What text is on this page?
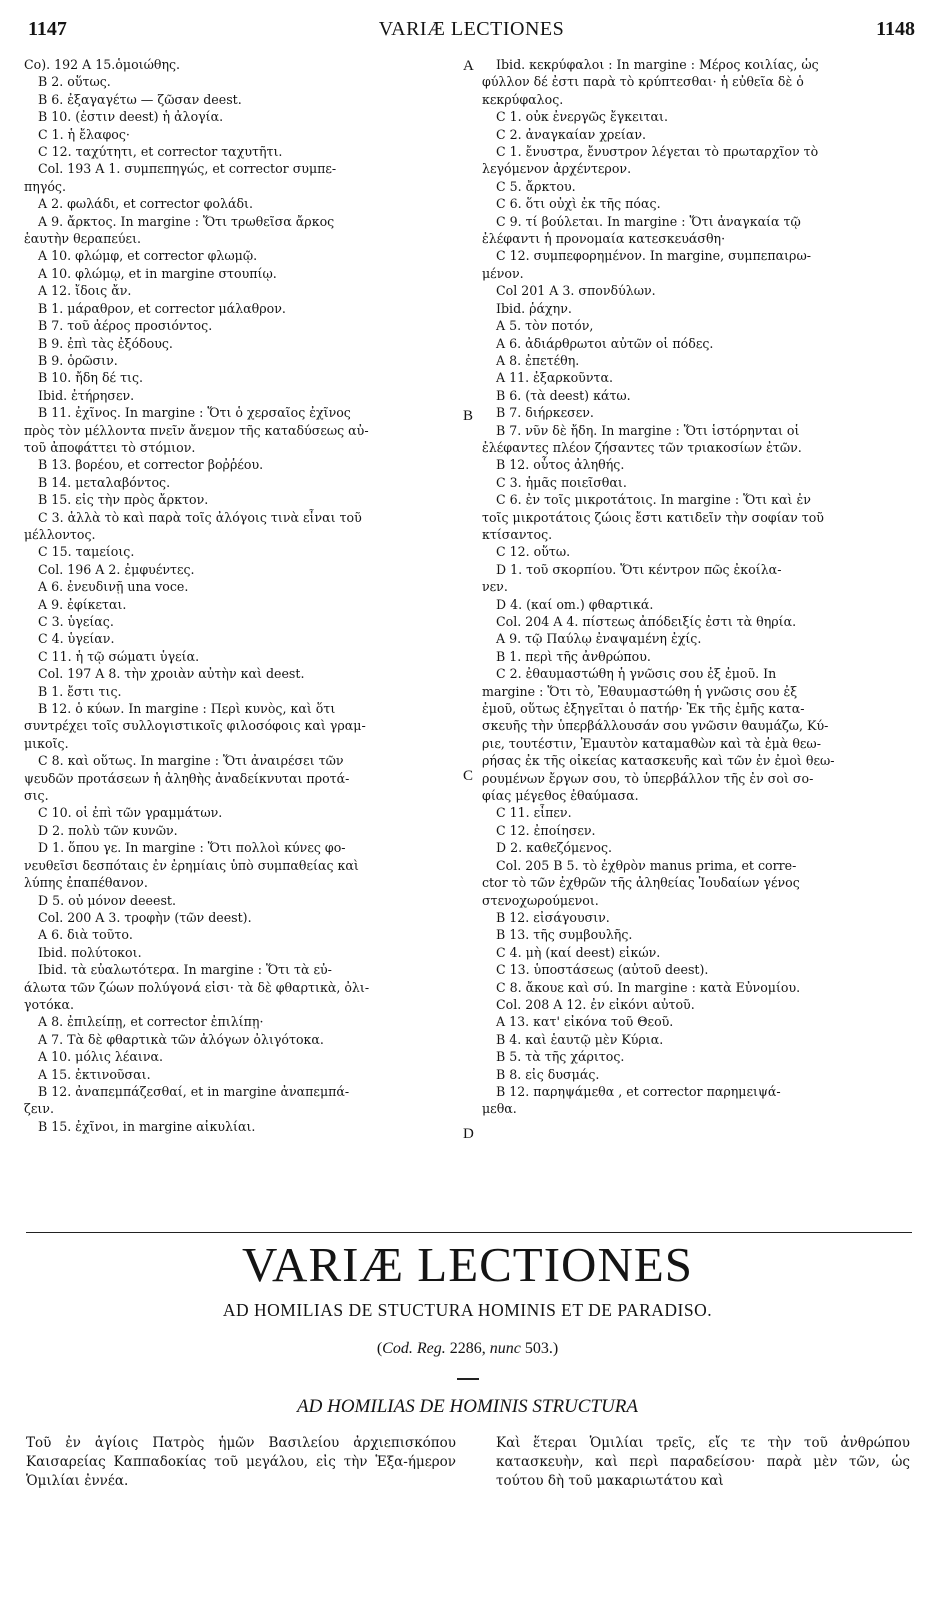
1147	VARIÆ LECTIONES	1148
Co). 192 A 15.ὁμοιώθης.
B 2. οὕτως.
B 6. ἐξαγαγέτω — ζῶσαν deest.
B 10. (ἐστιν deest) ἡ ἀλογία.
C 1. ἡ ἔλαφος·
C 12. ταχύτητι, et corrector ταχυτῆτι.
Col. 193 A 1. συμπεπηγώς, et corrector συμπε-
πηγός.
A 2. φωλάδι, et corrector φολάδι.
A 9. ἄρκτος. In margine : Ὅτι τρωθεῖσα ἄρκος
ἑαυτὴν θεραπεύει.
A 10. φλώμφ, et corrector φλωμῷ.
A 10. φλώμῳ, et in margine στουπίῳ.
A 12. ἴδοις ἄν.
B 1. μάραθρον, et corrector μάλαθρον.
B 7. τοῦ ἀέρος προσιόντος.
B 9. ἐπὶ τὰς ἐξόδους.
B 9. ὁρῶσιν.
B 10. ἤδη δέ τις.
Ibid. ἐτήρησεν.
B 11. ἐχῖνος. In margine : Ὅτι ὁ χερσαῖος ἐχῖνος
πρὸς τὸν μέλλοντα πνεῖν ἄνεμον τῆς καταδύσεως αὐ-
τοῦ ἀποφάττει τὸ στόμιον.
B 13. βορέου, et corrector βοῤῥέου.
B 14. μεταλαβόντος.
B 15. εἰς τὴν πρὸς ἄρκτον.
C 3. ἀλλὰ τὸ καὶ παρὰ τοῖς ἀλόγοις τινὰ εἶναι τοῦ
μέλλοντος.
C 15. ταμείοις.
Col. 196 A 2. ἐμφυέντες.
A 6. ἐνευδινῇ una voce.
A 9. ἐφίκεται.
C 3. ὑγείας.
C 4. ὑγείαν.
C 11. ἡ τῷ σώματι ὑγεία.
Col. 197 A 8. τὴν χροιὰν αὐτὴν καὶ deest.
B 1. ἔστι τις.
B 12. ὁ κύων. In margine : Περὶ κυνὸς, καὶ ὅτι
συντρέχει τοῖς συλλογιστικοῖς φιλοσόφοις καὶ γραμ-
μικοῖς.
C 8. καὶ οὕτως. In margine : Ὅτι ἀναιρέσει τῶν
ψευδῶν προτάσεων ἡ ἀληθὴς ἀναδείκνυται προτά-
σις.
C 10. οἱ ἐπὶ τῶν γραμμάτων.
D 2. πολὺ τῶν κυνῶν.
D 1. ὅπου γε. In margine : Ὅτι πολλοὶ κύνες φο-
νευθεῖσι δεσπόταις ἐν ἐρημίαις ὑπὸ συμπαθείας καὶ
λύπης ἐπαπέθανον.
D 5. οὐ μόνον deeest.
Col. 200 A 3. τροφὴν (τῶν deest).
A 6. διὰ τοῦτο.
Ibid. πολύτοκοι.
Ibid. τὰ εὐαλωτότερα. In margine : Ὅτι τὰ εὐ-
άλωτα τῶν ζώων πολύγονά εἰσι· τὰ δὲ φθαρτικὰ, ὀλι-
γοτόκα.
A 8. ἐπιλείπῃ, et corrector ἐπιλίπῃ·
A 7. Τὰ δὲ φθαρτικὰ τῶν ἀλόγων ὀλιγότοκα.
A 10. μόλις λέαινα.
A 15. ἐκτινοῦσαι.
B 12. ἀναπεμπάζεσθαί, et in margine ἀναπεμπά-
ζειν.
B 15. ἐχῖνοι, in margine αἰκυλίαι.
Ibid. κεκρύφαλοι : In margine : Μέρος κοιλίας, ὡς
φύλλον δέ ἐστι παρὰ τὸ κρύπτεσθαι· ἡ εὐθεῖα δὲ ὁ
κεκρύφαλος.
C 1. οὐκ ἐνεργῶς ἔγκειται.
C 2. ἀναγκαίαν χρείαν.
C 1. ἔνυστρα, ἔνυστρον λέγεται τὸ πρωταρχῖον τὸ
λεγόμενον ἀρχέντερον.
C 5. ἄρκτου.
C 6. ὅτι οὐχὶ ἐκ τῆς πόας.
C 9. τί βούλεται. In margine : Ὅτι ἀναγκαία τῷ
ἐλέφαντι ἡ προνομαία κατεσκευάσθη·
C 12. συμπεφορημένον. In margine, συμπεπαιρω-
μένον.
Col 201 A 3. σπονδύλων.
Ibid. ῥάχην.
A 5. τὸν ποτόν,
A 6. ἀδιάρθρωτοι αὐτῶν οἱ πόδες.
A 8. ἐπετέθη.
A 11. ἐξαρκοῦντα.
B 6. (τὰ deest) κάτω.
B 7. διήρκεσεν.
B 7. νῦν δὲ ἤδη. In margine : Ὅτι ἱστόρηνται οἱ
ἐλέφαντες πλέον ζήσαντες τῶν τριακοσίων ἐτῶν.
B 12. οὗτος ἀληθής.
C 3. ἡμᾶς ποιεῖσθαι.
C 6. ἐν τοῖς μικροτάτοις. In margine : Ὅτι καὶ ἐν
τοῖς μικροτάτοις ζώοις ἔστι κατιδεῖν τὴν σοφίαν τοῦ
κτίσαντος.
C 12. οὕτω.
D 1. τοῦ σκορπίου. Ὅτι κέντρον πῶς ἐκοίλα-
νεν.
D 4. (καί om.) φθαρτικά.
Col. 204 A 4. πίστεως ἀπόδειξίς ἐστι τὰ θηρία.
A 9. τῷ Παύλῳ ἐναψαμένη ἐχίς.
B 1. περὶ τῆς ἀνθρώπου.
C 2. ἐθαυμαστώθη ἡ γνῶσις σου ἐξ ἐμοῦ. In
margine : Ὅτι τὸ, Ἐθαυμαστώθη ἡ γνῶσις σου ἐξ
ἐμοῦ, οὕτως ἐξηγεῖται ὁ πατήρ· Ἐκ τῆς ἐμῆς κατα-
σκευῆς τὴν ὑπερβάλλουσάν σου γνῶσιν θαυμάζω, Κύ-
ριε, τουτέστιν, Ἐμαυτὸν καταμαθὼν καὶ τὰ ἐμὰ θεω-
ρήσας ἐκ τῆς οἰκείας κατασκευῆς καὶ τῶν ἐν ἐμοὶ θεω-
ρουμένων ἔργων σου, τὸ ὑπερβάλλον τῆς ἐν σοὶ σο-
φίας μέγεθος ἐθαύμασα.
C 11. εἶπεν.
C 12. ἐποίησεν.
D 2. καθεζόμενος.
Col. 205 B 5. τὸ ἐχθρὸν manus prima, et corre-
ctor τὸ τῶν ἐχθρῶν τῆς ἀληθείας Ἰουδαίων γένος
στενοχωρούμενοι.
B 12. εἰσάγουσιν.
B 13. τῆς συμβουλῆς.
C 4. μὴ (καί deest) εἰκών.
C 13. ὑποστάσεως (αὐτοῦ deest).
C 8. ἄκουε καὶ σύ. In margine : κατὰ Εὐνομίου.
Col. 208 A 12. ἐν εἰκόνι αὐτοῦ.
A 13. κατ' εἰκόνα τοῦ Θεοῦ.
B 4. καὶ ἑαυτῷ μὲν Κύρια.
B 5. τὰ τῆς χάριτος.
B 8. εἰς δυσμάς.
B 12. παρηψάμεθα , et corrector παρημειψά-
μεθα.
A
B
C
D
VARIÆ LECTIONES
AD HOMILIAS DE STUCTURA HOMINIS ET DE PARADISO.
(Cod. Reg. 2286, nunc 503.)
AD HOMILIAS DE HOMINIS STRUCTURA
Τοῦ ἐν ἁγίοις Πατρὸς ἡμῶν Βασιλείου ἀρχιεπισκόπου Καισαρείας Καππαδοκίας τοῦ μεγάλου, εἰς τὴν Ἑξα-ήμερον Ὁμιλίαι ἐννέα.
Καὶ ἕτεραι Ὁμιλίαι τρεῖς, εἴς τε τὴν τοῦ ἀνθρώπου κατασκευὴν, καὶ περὶ παραδείσου· παρὰ μὲν τῶν, ὡς τούτου δὴ τοῦ μακαριωτάτου καὶ
